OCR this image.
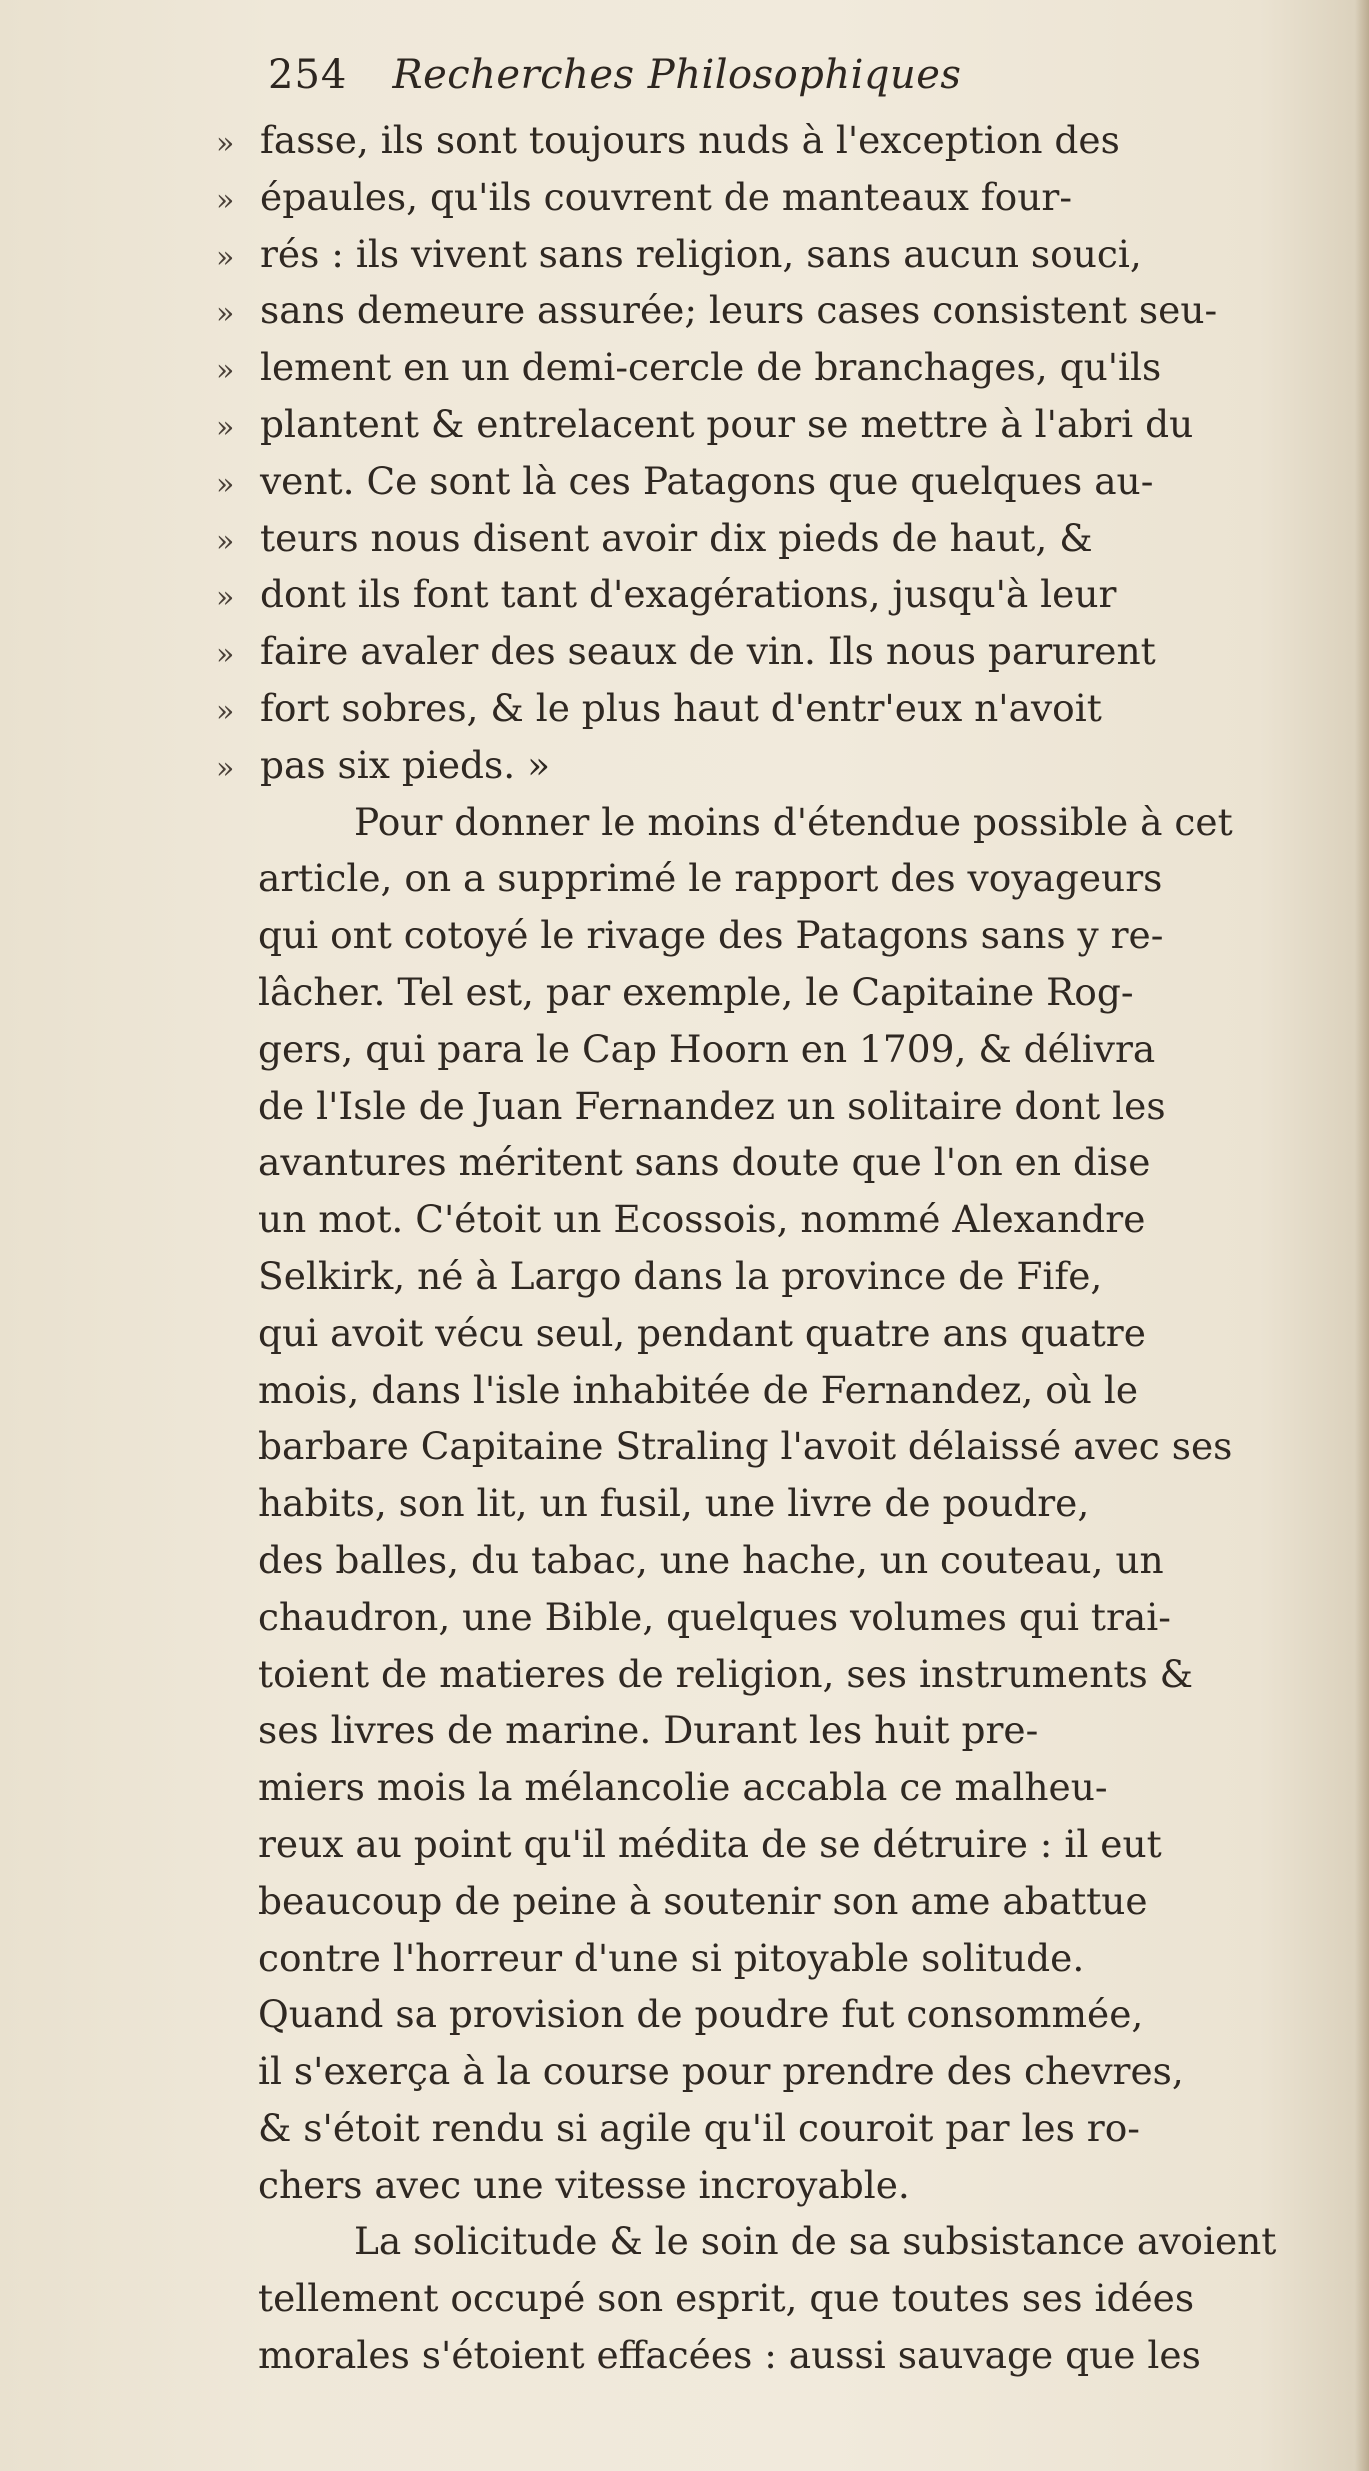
254 Recherches Philosophiques
» fasse, ils sont toujours nuds à l'exception des
» épaules, qu'ils couvrent de manteaux four-
» rés : ils vivent sans religion, sans aucun souci,
» sans demeure assurée; leurs cases consistent seu-
» lement en un demi-cercle de branchages, qu'ils
» plantent & entrelacent pour se mettre à l'abri du
» vent. Ce sont là ces Patagons que quelques au-
» teurs nous disent avoir dix pieds de haut, &
» dont ils font tant d'exagérations, jusqu'à leur
» faire avaler des seaux de vin. Ils nous parurent
» fort sobres, & le plus haut d'entr'eux n'avoit
» pas six pieds. »
Pour donner le moins d'étendue possible à cet
article, on a supprimé le rapport des voyageurs
qui ont cotoyé le rivage des Patagons sans y re-
lâcher. Tel est, par exemple, le Capitaine Rog-
gers, qui para le Cap Hoorn en 1709, & délivra
de l'Isle de Juan Fernandez un solitaire dont les
avantures méritent sans doute que l'on en dise
un mot. C'étoit un Ecossois, nommé Alexandre
Selkirk, né à Largo dans la province de Fife,
qui avoit vécu seul, pendant quatre ans quatre
mois, dans l'isle inhabitée de Fernandez, où le
barbare Capitaine Straling l'avoit délaissé avec ses
habits, son lit, un fusil, une livre de poudre,
des balles, du tabac, une hache, un couteau, un
chaudron, une Bible, quelques volumes qui trai-
toient de matieres de religion, ses instruments &
ses livres de marine. Durant les huit pre-
miers mois la mélancolie accabla ce malheu-
reux au point qu'il médita de se détruire : il eut
beaucoup de peine à soutenir son ame abattue
contre l'horreur d'une si pitoyable solitude.
Quand sa provision de poudre fut consommée,
il s'exerça à la course pour prendre des chevres,
& s'étoit rendu si agile qu'il couroit par les ro-
chers avec une vitesse incroyable.
La solicitude & le soin de sa subsistance avoient
tellement occupé son esprit, que toutes ses idées
morales s'étoient effacées : aussi sauvage que les
